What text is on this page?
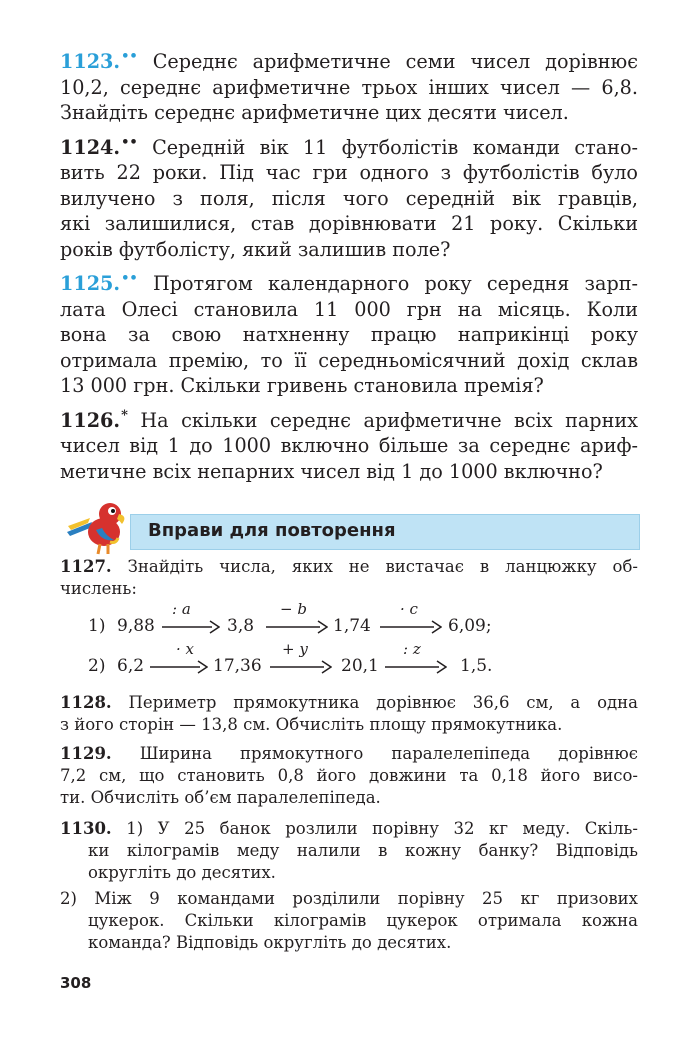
1123.•• Середнє арифметичне семи чисел дорівнює
10,2, середнє арифметичне трьох інших чисел — 6,8.
Знайдіть середнє арифметичне цих десяти чисел.
1124.•• Середній вік 11 футболістів команди стано-
вить 22 роки. Під час гри одного з футболістів було
вилучено з поля, після чого середній вік гравців,
які залишилися, став дорівнювати 21 року. Скільки
років футболісту, який залишив поле?
1125.•• Протягом календарного року середня зарп-
лата Олесі становила 11 000 грн на місяць. Коли
вона за свою натхненну працю наприкінці року
отримала премію, то її середньомісячний дохід склав
13 000 грн. Скільки гривень становила премія?
1126.* На скільки середнє арифметичне всіх парних
чисел від 1 до 1000 включно більше за середнє ариф-
метичне всіх непарних чисел від 1 до 1000 включно?
Вправи для повторення
1127. Знайдіть числа, яких не вистачає в ланцюжку об-
числень:
1) 9,88
: a
3,8
− b
1,74
· c
6,09;
2) 6,2
· x
17,36
+ y
20,1
: z
1,5.
1128. Периметр прямокутника дорівнює 36,6 см, а одна
з його сторін — 13,8 см. Обчисліть площу прямокутника.
1129. Ширина прямокутного паралелепіпеда дорівнює
7,2 см, що становить 0,8 його довжини та 0,18 його висо-
ти. Обчисліть об’єм паралелепіпеда.
1130. 1) У 25 банок розлили порівну 32 кг меду. Скіль-
ки кілограмів меду налили в кожну банку? Відповідь
округліть до десятих.
2) Між 9 командами розділили порівну 25 кг призових
цукерок. Скільки кілограмів цукерок отримала кожна
команда? Відповідь округліть до десятих.
308
